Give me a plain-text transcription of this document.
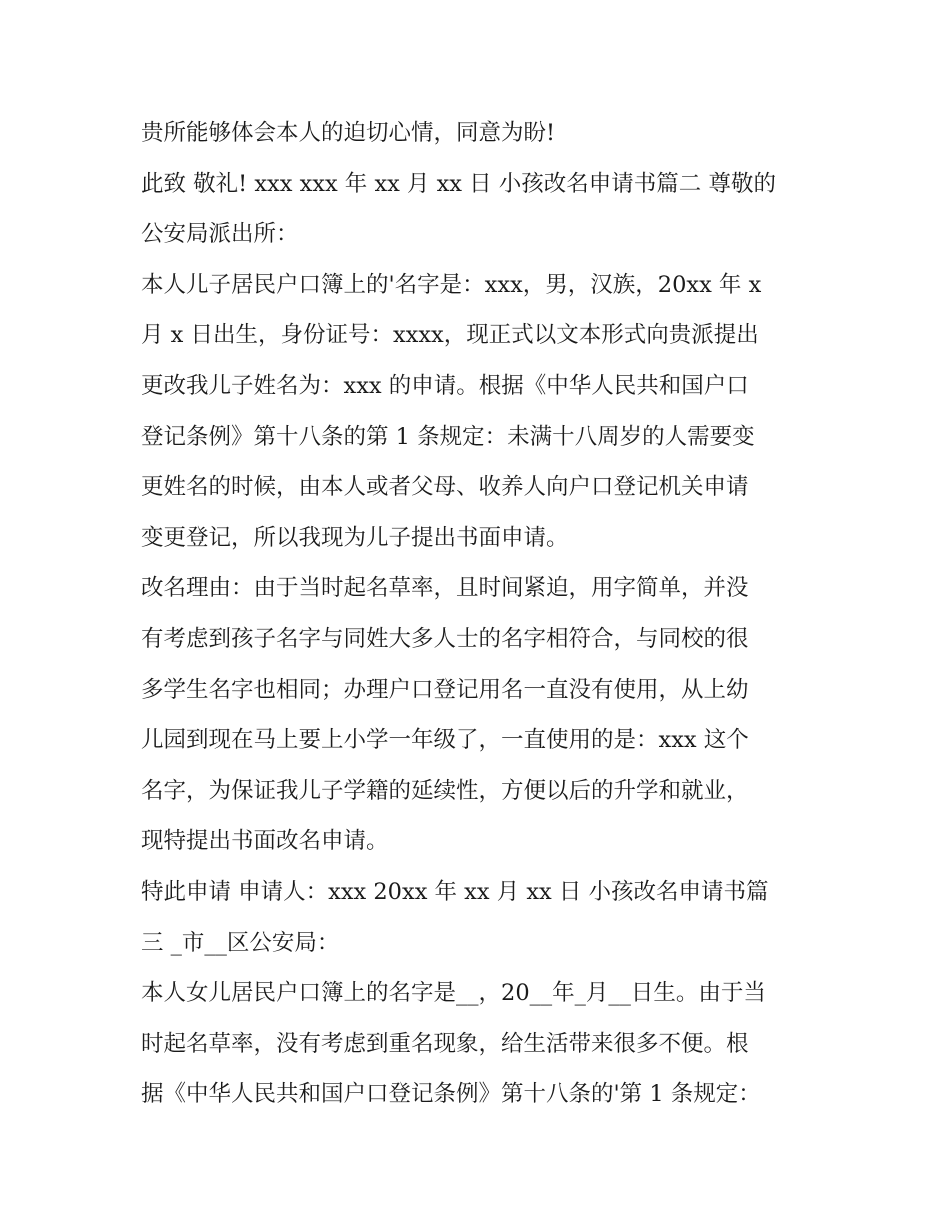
贵所能够体会本人的迫切心情，同意为盼!
此致 敬礼! xxx xxx 年 xx 月 xx 日 小孩改名申请书篇二 尊敬的
公安局派出所：
本人儿子居民户口簿上的'名字是：xxx，男，汉族，20xx 年 x
月 x 日出生，身份证号：xxxx，现正式以文本形式向贵派提出
更改我儿子姓名为：xxx 的申请。根据《中华人民共和国户口
登记条例》第十八条的第 1 条规定：未满十八周岁的人需要变
更姓名的时候，由本人或者父母、收养人向户口登记机关申请
变更登记，所以我现为儿子提出书面申请。
改名理由：由于当时起名草率，且时间紧迫，用字简单，并没
有考虑到孩子名字与同姓大多人士的名字相符合，与同校的很
多学生名字也相同；办理户口登记用名一直没有使用，从上幼
儿园到现在马上要上小学一年级了，一直使用的是：xxx 这个
名字，为保证我儿子学籍的延续性，方便以后的升学和就业，
现特提出书面改名申请。
特此申请 申请人：xxx 20xx 年 xx 月 xx 日 小孩改名申请书篇
三 _市__区公安局：
本人女儿居民户口簿上的名字是__，20__年_月__日生。由于当
时起名草率，没有考虑到重名现象，给生活带来很多不便。根
据《中华人民共和国户口登记条例》第十八条的'第 1 条规定：
